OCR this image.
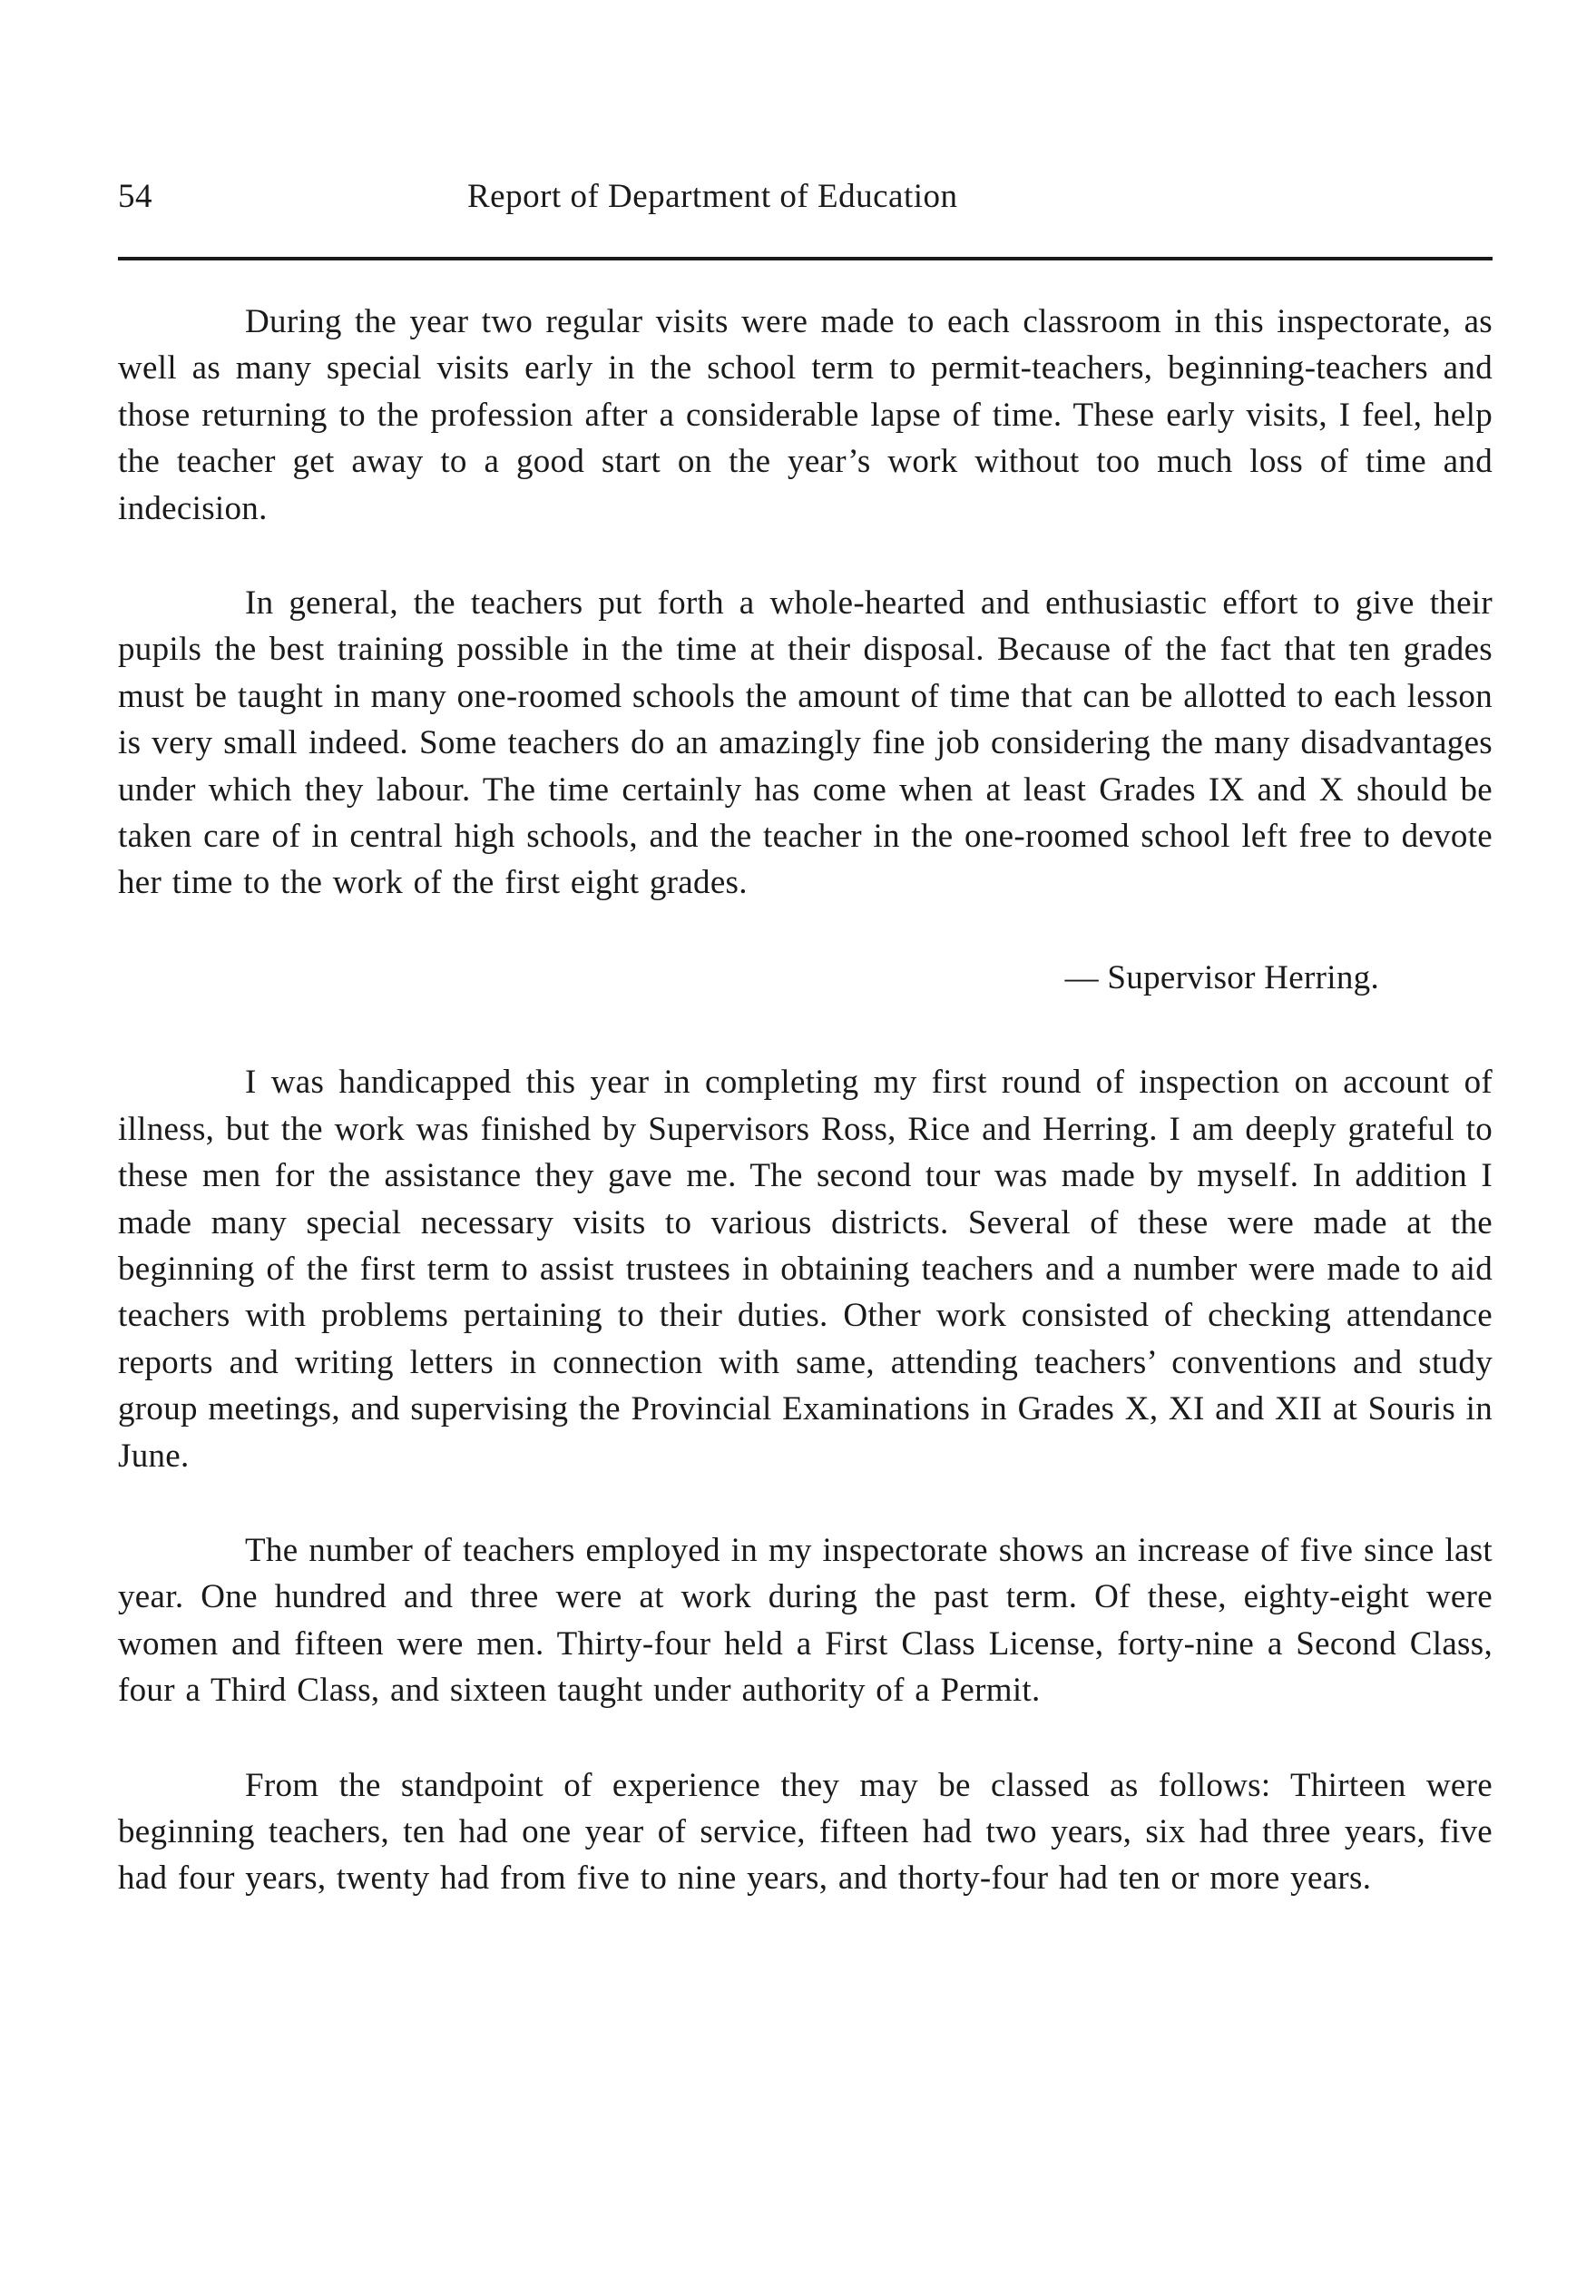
54	Report of Department of Education

During the year two regular visits were made to each classroom in this inspectorate, as well as many special visits early in the school term to permit-teachers, beginning-teachers and those returning to the profession after a considerable lapse of time. These early visits, I feel, help the teacher get away to a good start on the year’s work without too much loss of time and indecision.

In general, the teachers put forth a whole-hearted and enthusiastic effort to give their pupils the best training possible in the time at their disposal. Because of the fact that ten grades must be taught in many one-roomed schools the amount of time that can be allotted to each lesson is very small indeed. Some teachers do an amazingly fine job considering the many disadvantages under which they labour. The time certainly has come when at least Grades IX and X should be taken care of in central high schools, and the teacher in the one-roomed school left free to devote her time to the work of the first eight grades.

— Supervisor Herring.

I was handicapped this year in completing my first round of inspection on account of illness, but the work was finished by Supervisors Ross, Rice and Herring. I am deeply grateful to these men for the assistance they gave me. The second tour was made by myself. In addition I made many special necessary visits to various districts. Several of these were made at the beginning of the first term to assist trustees in obtaining teachers and a number were made to aid teachers with problems pertaining to their duties. Other work consisted of checking attendance reports and writing letters in connection with same, attending teachers’ conventions and study group meetings, and supervising the Provincial Examinations in Grades X, XI and XII at Souris in June.

The number of teachers employed in my inspectorate shows an increase of five since last year. One hundred and three were at work during the past term. Of these, eighty-eight were women and fifteen were men. Thirty-four held a First Class License, forty-nine a Second Class, four a Third Class, and sixteen taught under authority of a Permit.

From the standpoint of experience they may be classed as follows: Thirteen were beginning teachers, ten had one year of service, fifteen had two years, six had three years, five had four years, twenty had from five to nine years, and thorty-four had ten or more years.
